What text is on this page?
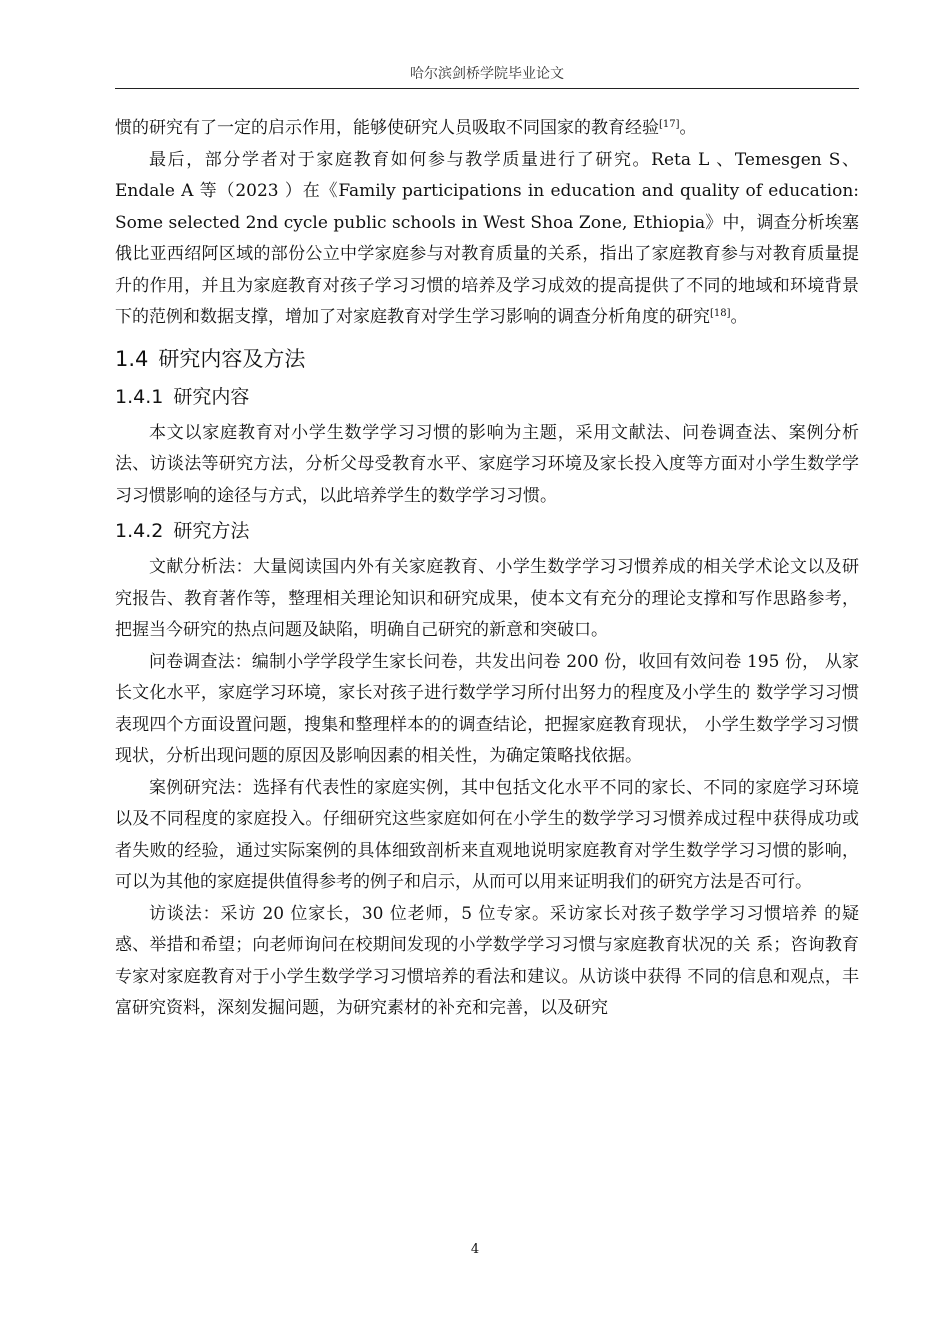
哈尔滨剑桥学院毕业论文

惯的研究有了一定的启示作用，能够使研究人员吸取不同国家的教育经验[17]。

最后，部分学者对于家庭教育如何参与教学质量进行了研究。Reta L 、Temesgen S、Endale A 等（2023 ）在《Family participations in education and quality of education: Some selected 2nd cycle public schools in West Shoa Zone, Ethiopia》中，调查分析埃塞俄比亚西绍阿区域的部份公立中学家庭参与对教育质量的关系，指出了家庭教育参与对教育质量提升的作用，并且为家庭教育对孩子学习习惯的培养及学习成效的提高提供了不同的地域和环境背景下的范例和数据支撑，增加了对家庭教育对学生学习影响的调查分析角度的研究[18]。

1.4 研究内容及方法
1.4.1 研究内容

本文以家庭教育对小学生数学学习习惯的影响为主题，采用文献法、问卷调查法、案例分析法、访谈法等研究方法，分析父母受教育水平、家庭学习环境及家长投入度等方面对小学生数学学习习惯影响的途径与方式，以此培养学生的数学学习习惯。

1.4.2 研究方法

文献分析法：大量阅读国内外有关家庭教育、小学生数学学习习惯养成的相关学术论文以及研究报告、教育著作等，整理相关理论知识和研究成果，使本文有充分的理论支撑和写作思路参考，把握当今研究的热点问题及缺陷，明确自己研究的新意和突破口。

问卷调查法：编制小学学段学生家长问卷，共发出问卷 200 份，收回有效问卷 195 份， 从家长文化水平，家庭学习环境，家长对孩子进行数学学习所付出努力的程度及小学生的 数学学习习惯表现四个方面设置问题，搜集和整理样本的的调查结论，把握家庭教育现状， 小学生数学学习习惯现状，分析出现问题的原因及影响因素的相关性，为确定策略找依据。

案例研究法：选择有代表性的家庭实例，其中包括文化水平不同的家长、不同的家庭学习环境以及不同程度的家庭投入。仔细研究这些家庭如何在小学生的数学学习习惯养成过程中获得成功或者失败的经验，通过实际案例的具体细致剖析来直观地说明家庭教育对学生数学学习习惯的影响，可以为其他的家庭提供值得参考的例子和启示，从而可以用来证明我们的研究方法是否可行。

访谈法：采访 20 位家长，30 位老师，5 位专家。采访家长对孩子数学学习习惯培养 的疑惑、举措和希望；向老师询问在校期间发现的小学数学学习习惯与家庭教育状况的关 系；咨询教育专家对家庭教育对于小学生数学学习习惯培养的看法和建议。从访谈中获得 不同的信息和观点，丰富研究资料，深刻发掘问题，为研究素材的补充和完善，以及研究

4
